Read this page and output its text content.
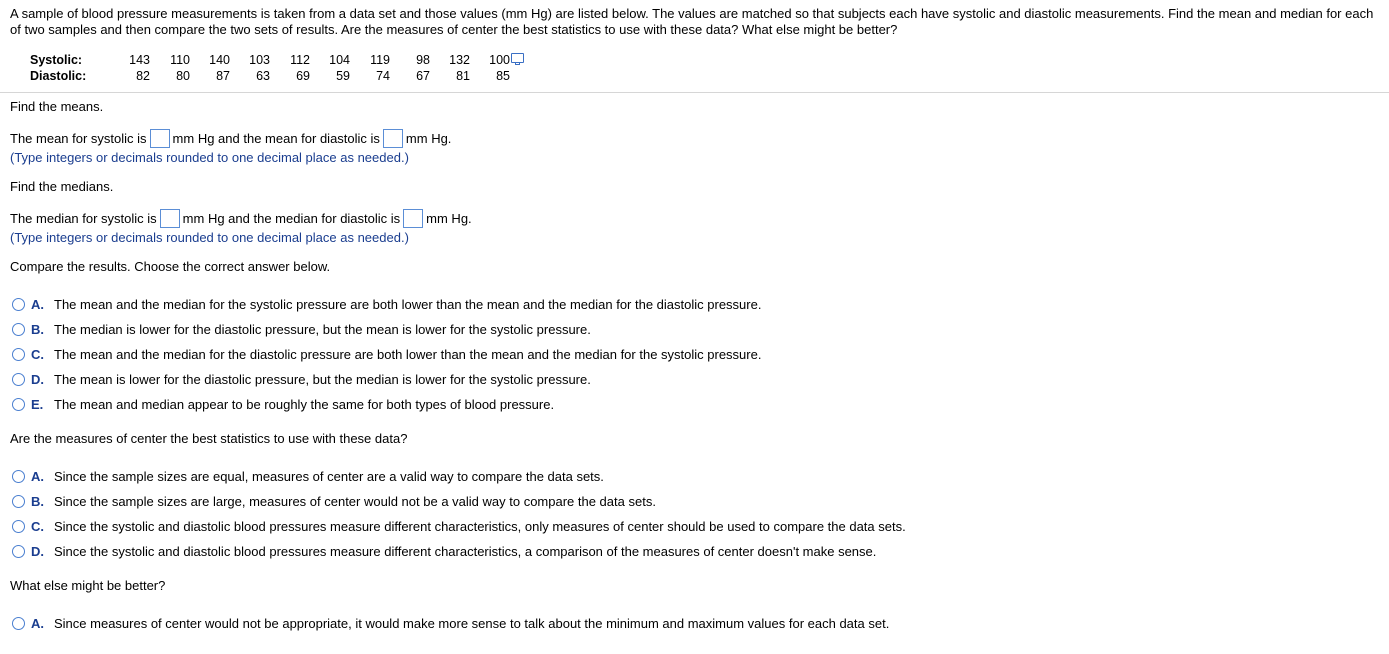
A sample of blood pressure measurements is taken from a data set and those values (mm Hg) are listed below. The values are matched so that subjects each have systolic and diastolic measurements. Find the mean and median for each of two samples and then compare the two sets of results. Are the measures of center the best statistics to use with these data? What else might be better?
Systolic:	143	110	140	103	112	104	119	98	132	100	
Diastolic:	82	80	87	63	69	59	74	67	81	85	
Find the means.
The mean for systolic is mm Hg and the mean for diastolic is mm Hg.
(Type integers or decimals rounded to one decimal place as needed.)
Find the medians.
The median for systolic is mm Hg and the median for diastolic is mm Hg.
(Type integers or decimals rounded to one decimal place as needed.)
Compare the results. Choose the correct answer below.
A. The mean and the median for the systolic pressure are both lower than the mean and the median for the diastolic pressure.
B. The median is lower for the diastolic pressure, but the mean is lower for the systolic pressure.
C. The mean and the median for the diastolic pressure are both lower than the mean and the median for the systolic pressure.
D. The mean is lower for the diastolic pressure, but the median is lower for the systolic pressure.
E. The mean and median appear to be roughly the same for both types of blood pressure.
Are the measures of center the best statistics to use with these data?
A. Since the sample sizes are equal, measures of center are a valid way to compare the data sets.
B. Since the sample sizes are large, measures of center would not be a valid way to compare the data sets.
C. Since the systolic and diastolic blood pressures measure different characteristics, only measures of center should be used to compare the data sets.
D. Since the systolic and diastolic blood pressures measure different characteristics, a comparison of the measures of center doesn't make sense.
What else might be better?
A. Since measures of center would not be appropriate, it would make more sense to talk about the minimum and maximum values for each data set.
